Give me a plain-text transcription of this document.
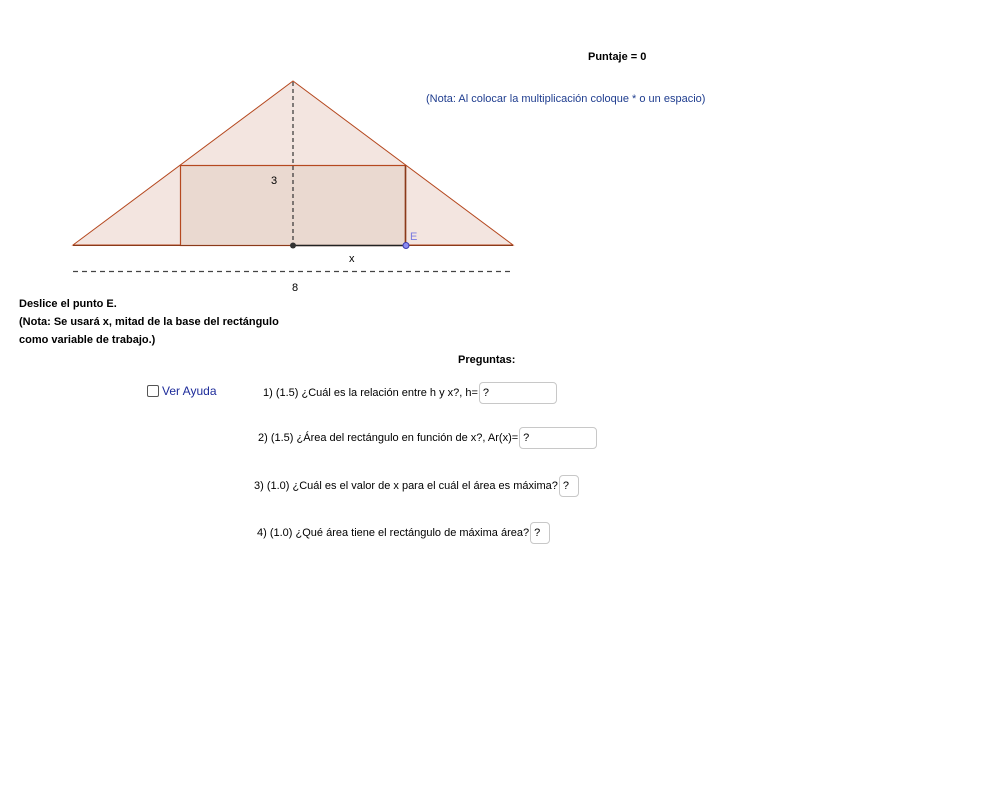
3
x
8
E
Puntaje = 0
(Nota: Al colocar la multiplicación coloque * o un espacio)
Deslice el punto E.
(Nota: Se usará x, mitad de la base del rectángulo
como variable de trabajo.)
Preguntas:
Ver Ayuda	1) (1.5) ¿Cuál es la relación entre h y x?, h=
?
2) (1.5) ¿Área del rectángulo en función de x?, Ar(x)=
?
3) (1.0) ¿Cuál es el valor de x para el cuál el área es máxima?
?
4) (1.0) ¿Qué área tiene el rectángulo de máxima área?
?
